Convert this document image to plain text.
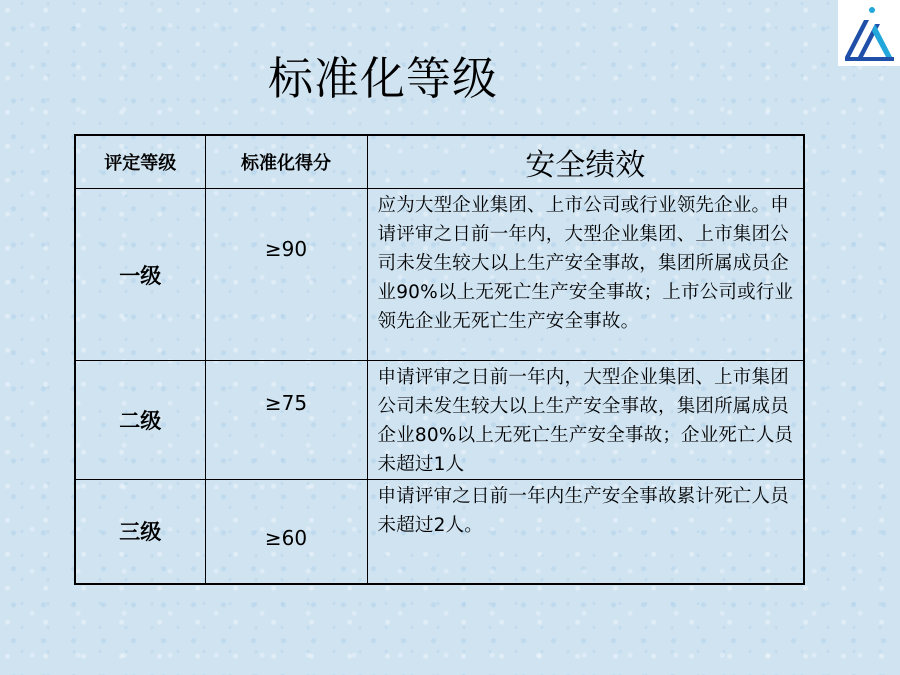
标准化等级
评定等级	标准化得分	安全绩效
一级	≥90	应为大型企业集团、上市公司或行业领先企业。申请评审之日前一年内，大型企业集团、上市集团公司未发生较大以上生产安全事故，集团所属成员企业90%以上无死亡生产安全事故；上市公司或行业领先企业无死亡生产安全事故。
二级	≥75	申请评审之日前一年内，大型企业集团、上市集团公司未发生较大以上生产安全事故，集团所属成员企业80%以上无死亡生产安全事故；企业死亡人员未超过1人
三级	≥60	申请评审之日前一年内生产安全事故累计死亡人员未超过2人。
